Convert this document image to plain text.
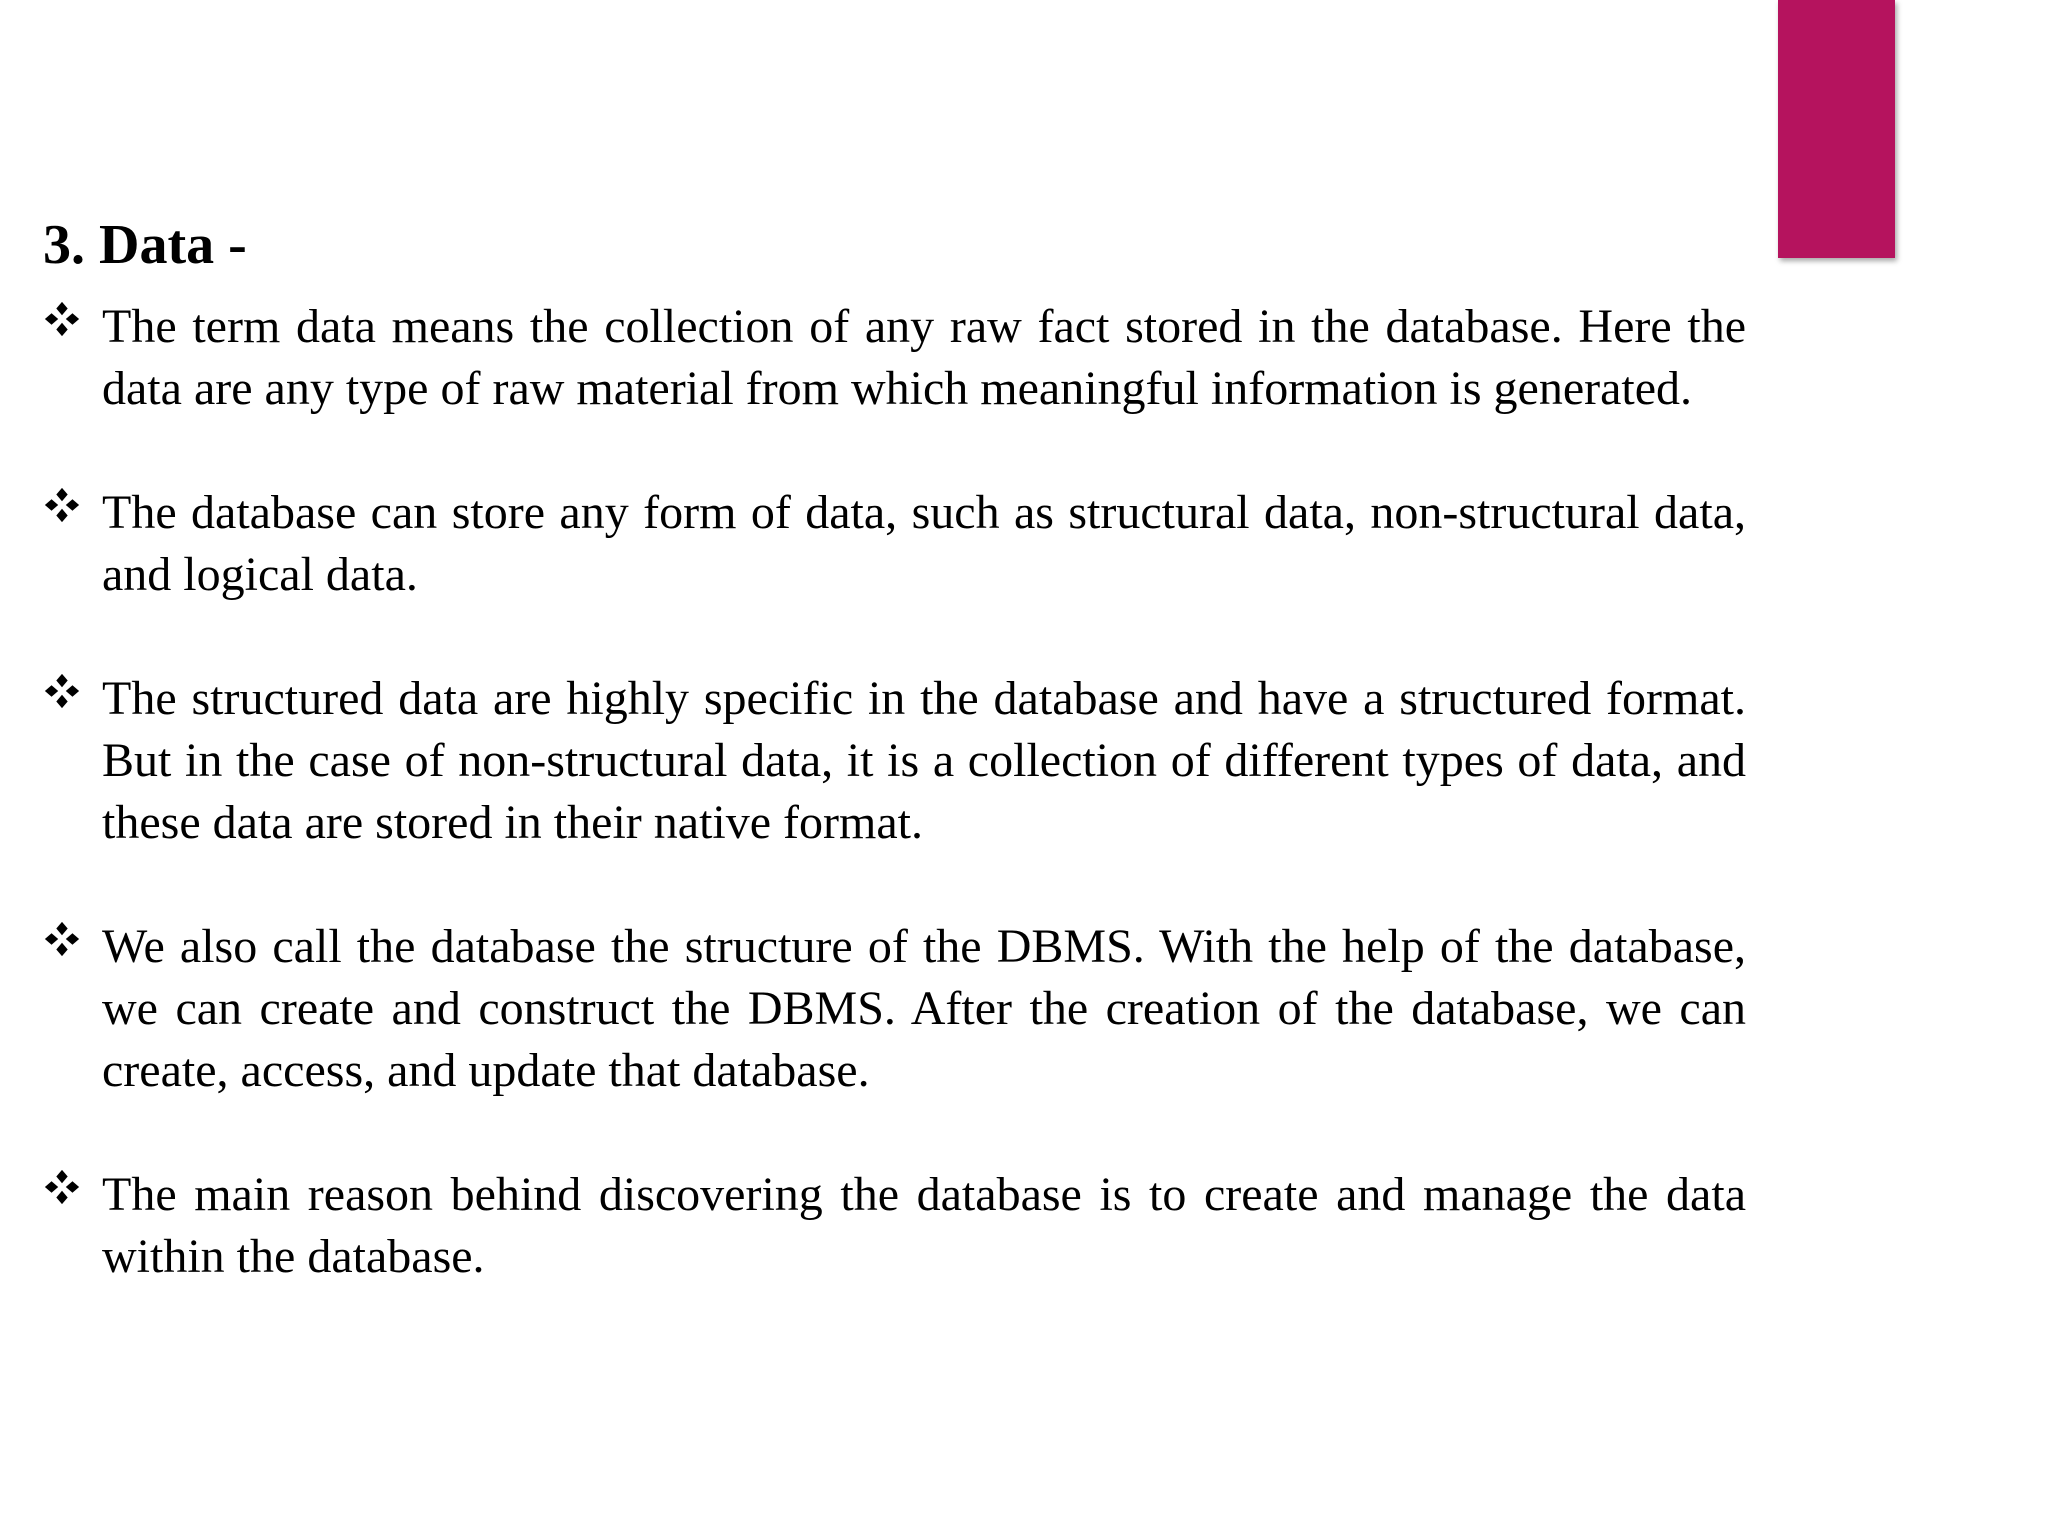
3. Data -
The term data means the collection of any raw fact stored in the database. Here the data are any type of raw material from which meaningful information is generated.
The database can store any form of data, such as structural data, non-structural data, and logical data.
The structured data are highly specific in the database and have a structured format. But in the case of non-structural data, it is a collection of different types of data, and these data are stored in their native format.
We also call the database the structure of the DBMS. With the help of the database, we can create and construct the DBMS. After the creation of the database, we can create, access, and update that database.
The main reason behind discovering the database is to create and manage the data within the database.
